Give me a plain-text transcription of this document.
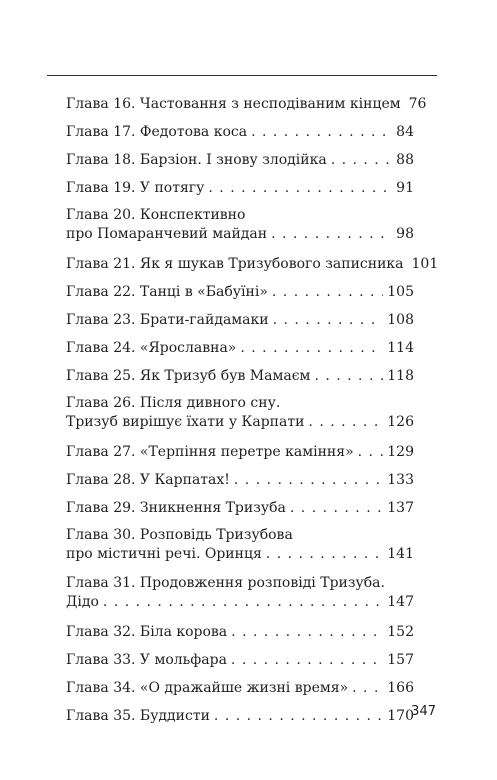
Глава 16. Частовання з несподіваним кінцем 76
Глава 17. Федотова коса . . .	84
Глава 18. Барзіон. І знову злодійка . . .	88
Глава 19. У потягу . . .	91
Глава 20. Конспективно
про Помаранчевий майдан . . .	98
Глава 21. Як я шукав Тризубового записника 101
Глава 22. Танці в «Бабуїні» . . .	105
Глава 23. Брати-гайдамаки . . .	108
Глава 24. «Ярославна» . . .	114
Глава 25. Як Тризуб був Мамаєм . . .	118
Глава 26. Після дивного сну.
Тризуб вирішує їхати у Карпати . . .	126
Глава 27. «Терпіння перетре каміння» . . . 129
Глава 28. У Карпатах! . . .	133
Глава 29. Зникнення Тризуба . . .	137
Глава 30. Розповідь Тризубова
про містичні речі. Оринця . . .	141
Глава 31. Продовження розповіді Тризуба.
Дідо . . .	147
Глава 32. Біла корова . . .	152
Глава 33. У мольфара . . .	157
Глава 34. «О дражайше жизні время» . . .	166
Глава 35. Буддисти . . .	170
347
